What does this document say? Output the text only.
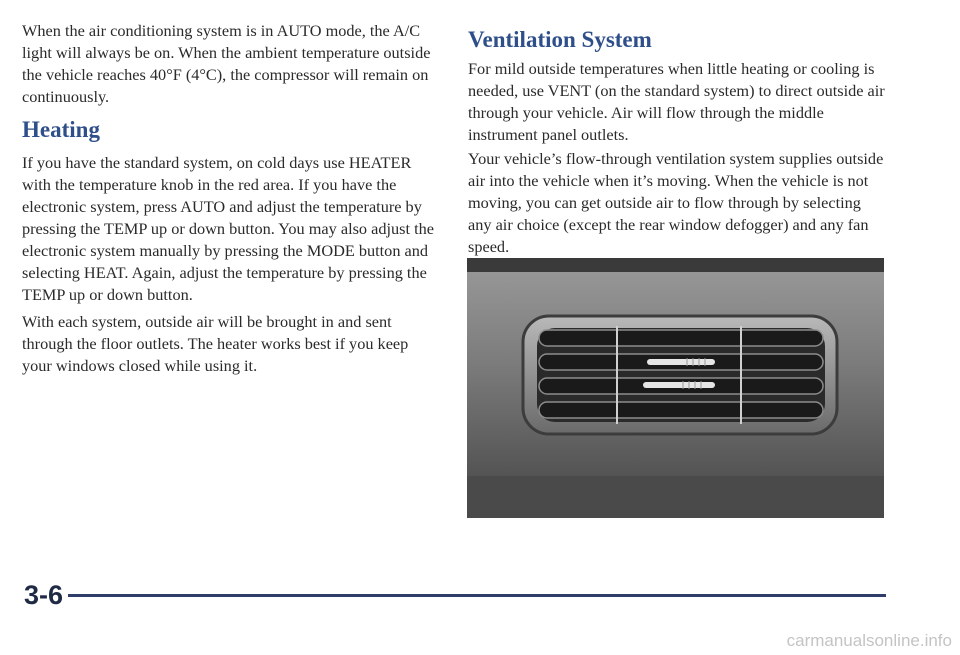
When the air conditioning system is in AUTO mode, the A/C light will always be on. When the ambient temperature outside the vehicle reaches 40°F (4°C), the compressor will remain on continuously.

Heating

If you have the standard system, on cold days use HEATER with the temperature knob in the red area. If you have the electronic system, press AUTO and adjust the temperature by pressing the TEMP up or down button. You may also adjust the electronic system manually by pressing the MODE button and selecting HEAT. Again, adjust the temperature by pressing the TEMP up or down button.

With each system, outside air will be brought in and sent through the floor outlets. The heater works best if you keep your windows closed while using it.

Ventilation System

For mild outside temperatures when little heating or cooling is needed, use VENT (on the standard system) to direct outside air through your vehicle. Air will flow through the middle instrument panel outlets.

Your vehicle’s flow-through ventilation system supplies outside air into the vehicle when it’s moving. When the vehicle is not moving, you can get outside air to flow through by selecting any air choice (except the rear window defogger) and any fan speed.

3-6
carmanualsonline.info
